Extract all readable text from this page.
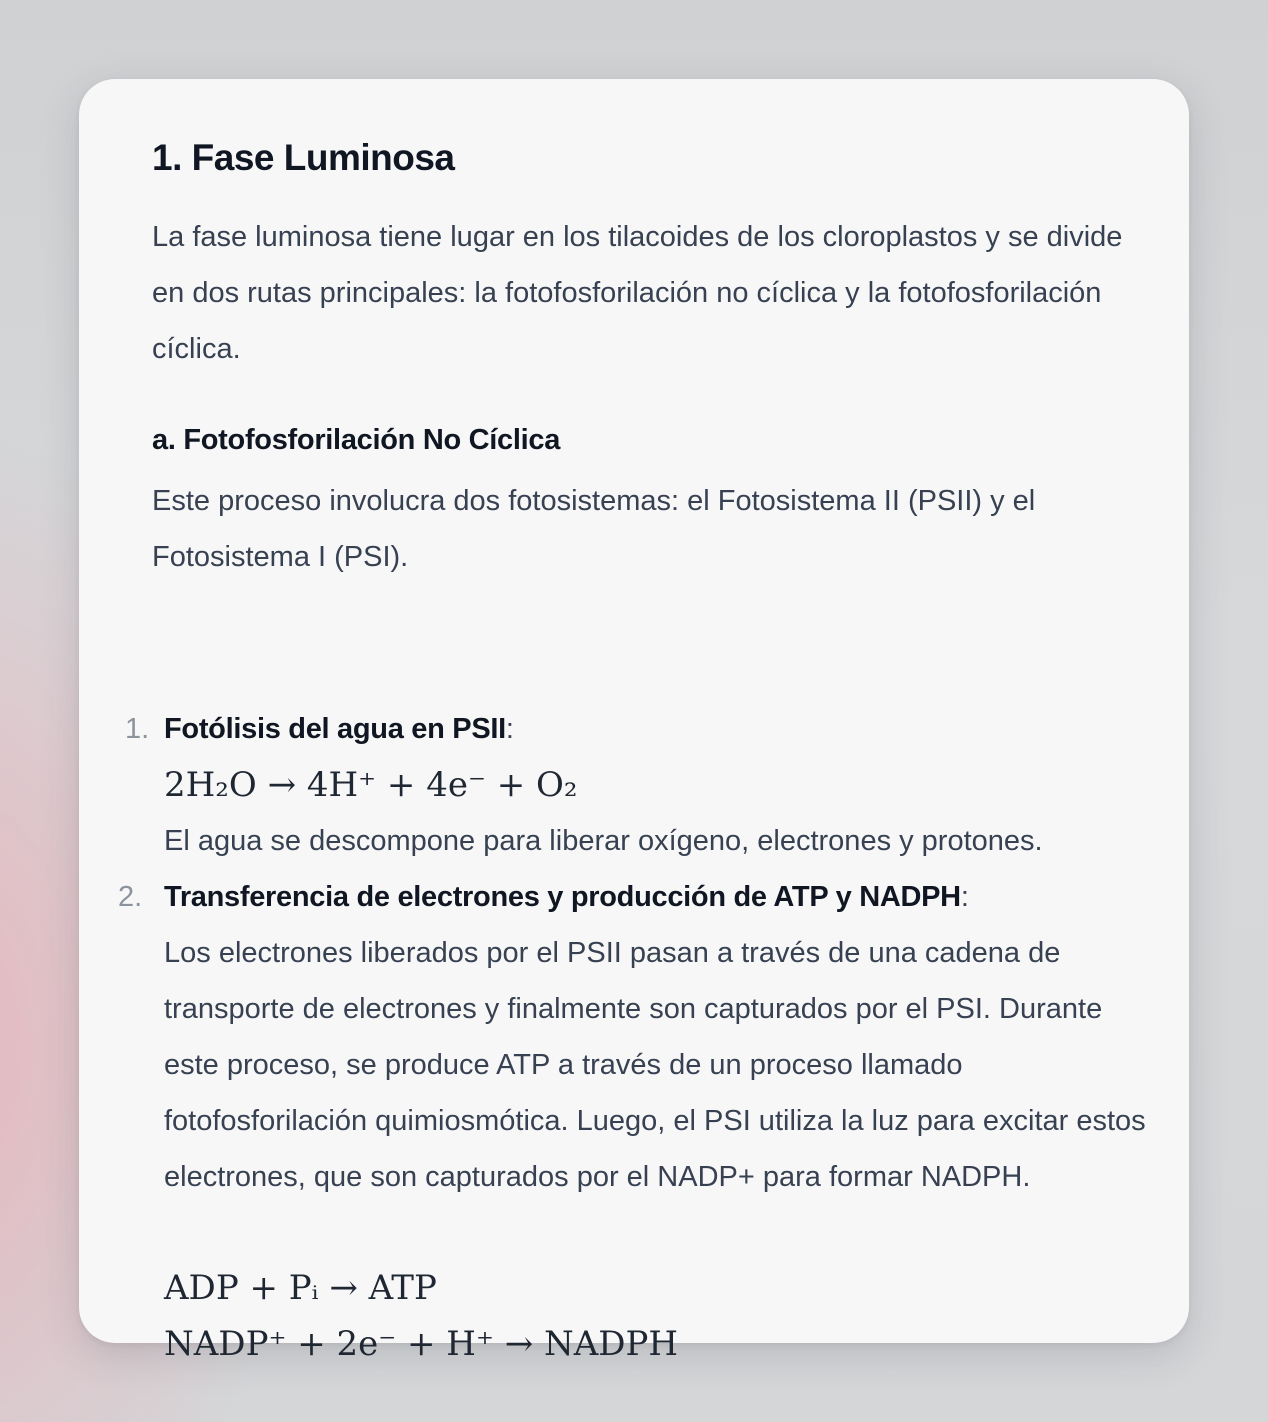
1. Fase Luminosa

La fase luminosa tiene lugar en los tilacoides de los cloroplastos y se divide en dos rutas principales: la fotofosforilación no cíclica y la fotofosforilación cíclica.

a. Fotofosforilación No Cíclica

Este proceso involucra dos fotosistemas: el Fotosistema II (PSII) y el Fotosistema I (PSI).

1. Fotólisis del agua en PSII:
2H₂O → 4H⁺ + 4e⁻ + O₂
El agua se descompone para liberar oxígeno, electrones y protones.
2. Transferencia de electrones y producción de ATP y NADPH:
Los electrones liberados por el PSII pasan a través de una cadena de transporte de electrones y finalmente son capturados por el PSI. Durante este proceso, se produce ATP a través de un proceso llamado fotofosforilación quimiosmótica. Luego, el PSI utiliza la luz para excitar estos electrones, que son capturados por el NADP+ para formar NADPH.
ADP + Pᵢ → ATP
NADP⁺ + 2e⁻ + H⁺ → NADPH
